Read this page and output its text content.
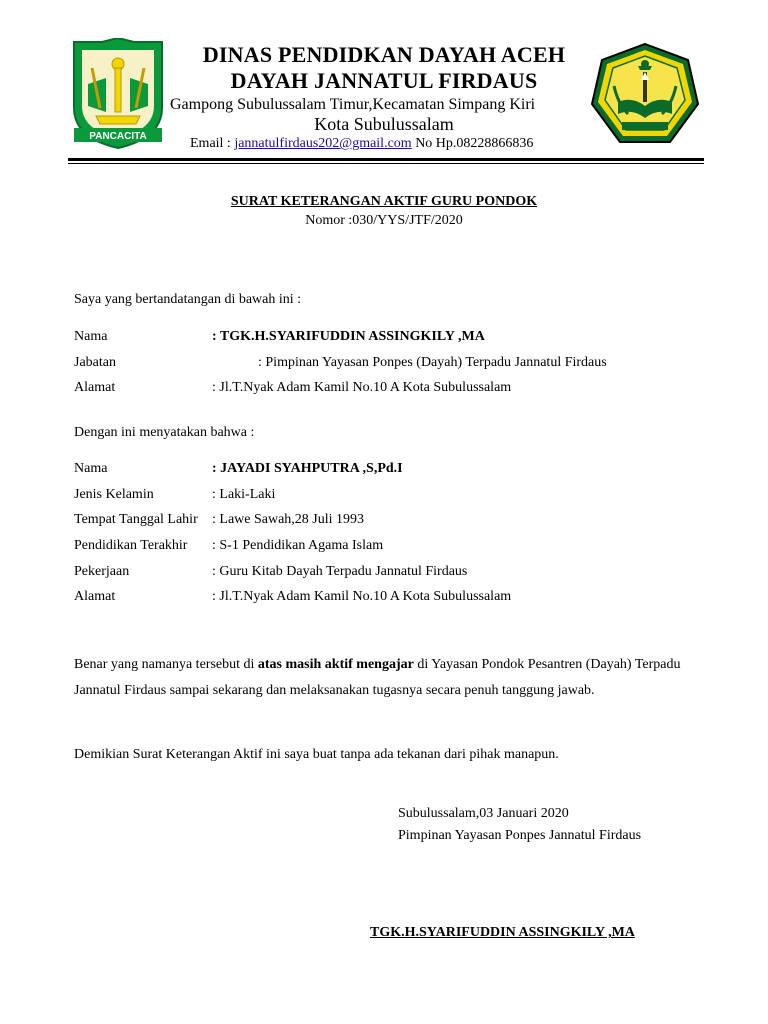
PANCACITA
DINAS PENDIDKAN DAYAH ACEH
DAYAH JANNATUL FIRDAUS
Gampong Subulussalam Timur,Kecamatan Simpang Kiri
Kota Subulussalam
Email : jannatulfirdaus202@gmail.com No Hp.08228866836
SURAT KETERANGAN AKTIF GURU PONDOK
Nomor :030/YYS/JTF/2020
Saya yang bertandatangan di bawah ini :
Nama	: TGK.H.SYARIFUDDIN ASSINGKILY ,MA
Jabatan	: Pimpinan Yayasan Ponpes (Dayah) Terpadu Jannatul Firdaus
Alamat	: Jl.T.Nyak Adam Kamil No.10 A Kota Subulussalam
Dengan ini menyatakan bahwa :
Nama	: JAYADI SYAHPUTRA ,S,Pd.I
Jenis Kelamin	: Laki-Laki
Tempat Tanggal Lahir : Lawe Sawah,28 Juli 1993
Pendidikan Terakhir : S-1 Pendidikan Agama Islam
Pekerjaan	: Guru Kitab Dayah Terpadu Jannatul Firdaus
Alamat	: Jl.T.Nyak Adam Kamil No.10 A Kota Subulussalam
Benar yang namanya tersebut di atas masih aktif mengajar di Yayasan Pondok Pesantren (Dayah) Terpadu Jannatul Firdaus sampai sekarang dan melaksanakan tugasnya secara penuh tanggung jawab.
Demikian Surat Keterangan Aktif ini saya buat tanpa ada tekanan dari pihak manapun.
Subulussalam,03 Januari 2020
Pimpinan Yayasan Ponpes Jannatul Firdaus
TGK.H.SYARIFUDDIN ASSINGKILY ,MA
